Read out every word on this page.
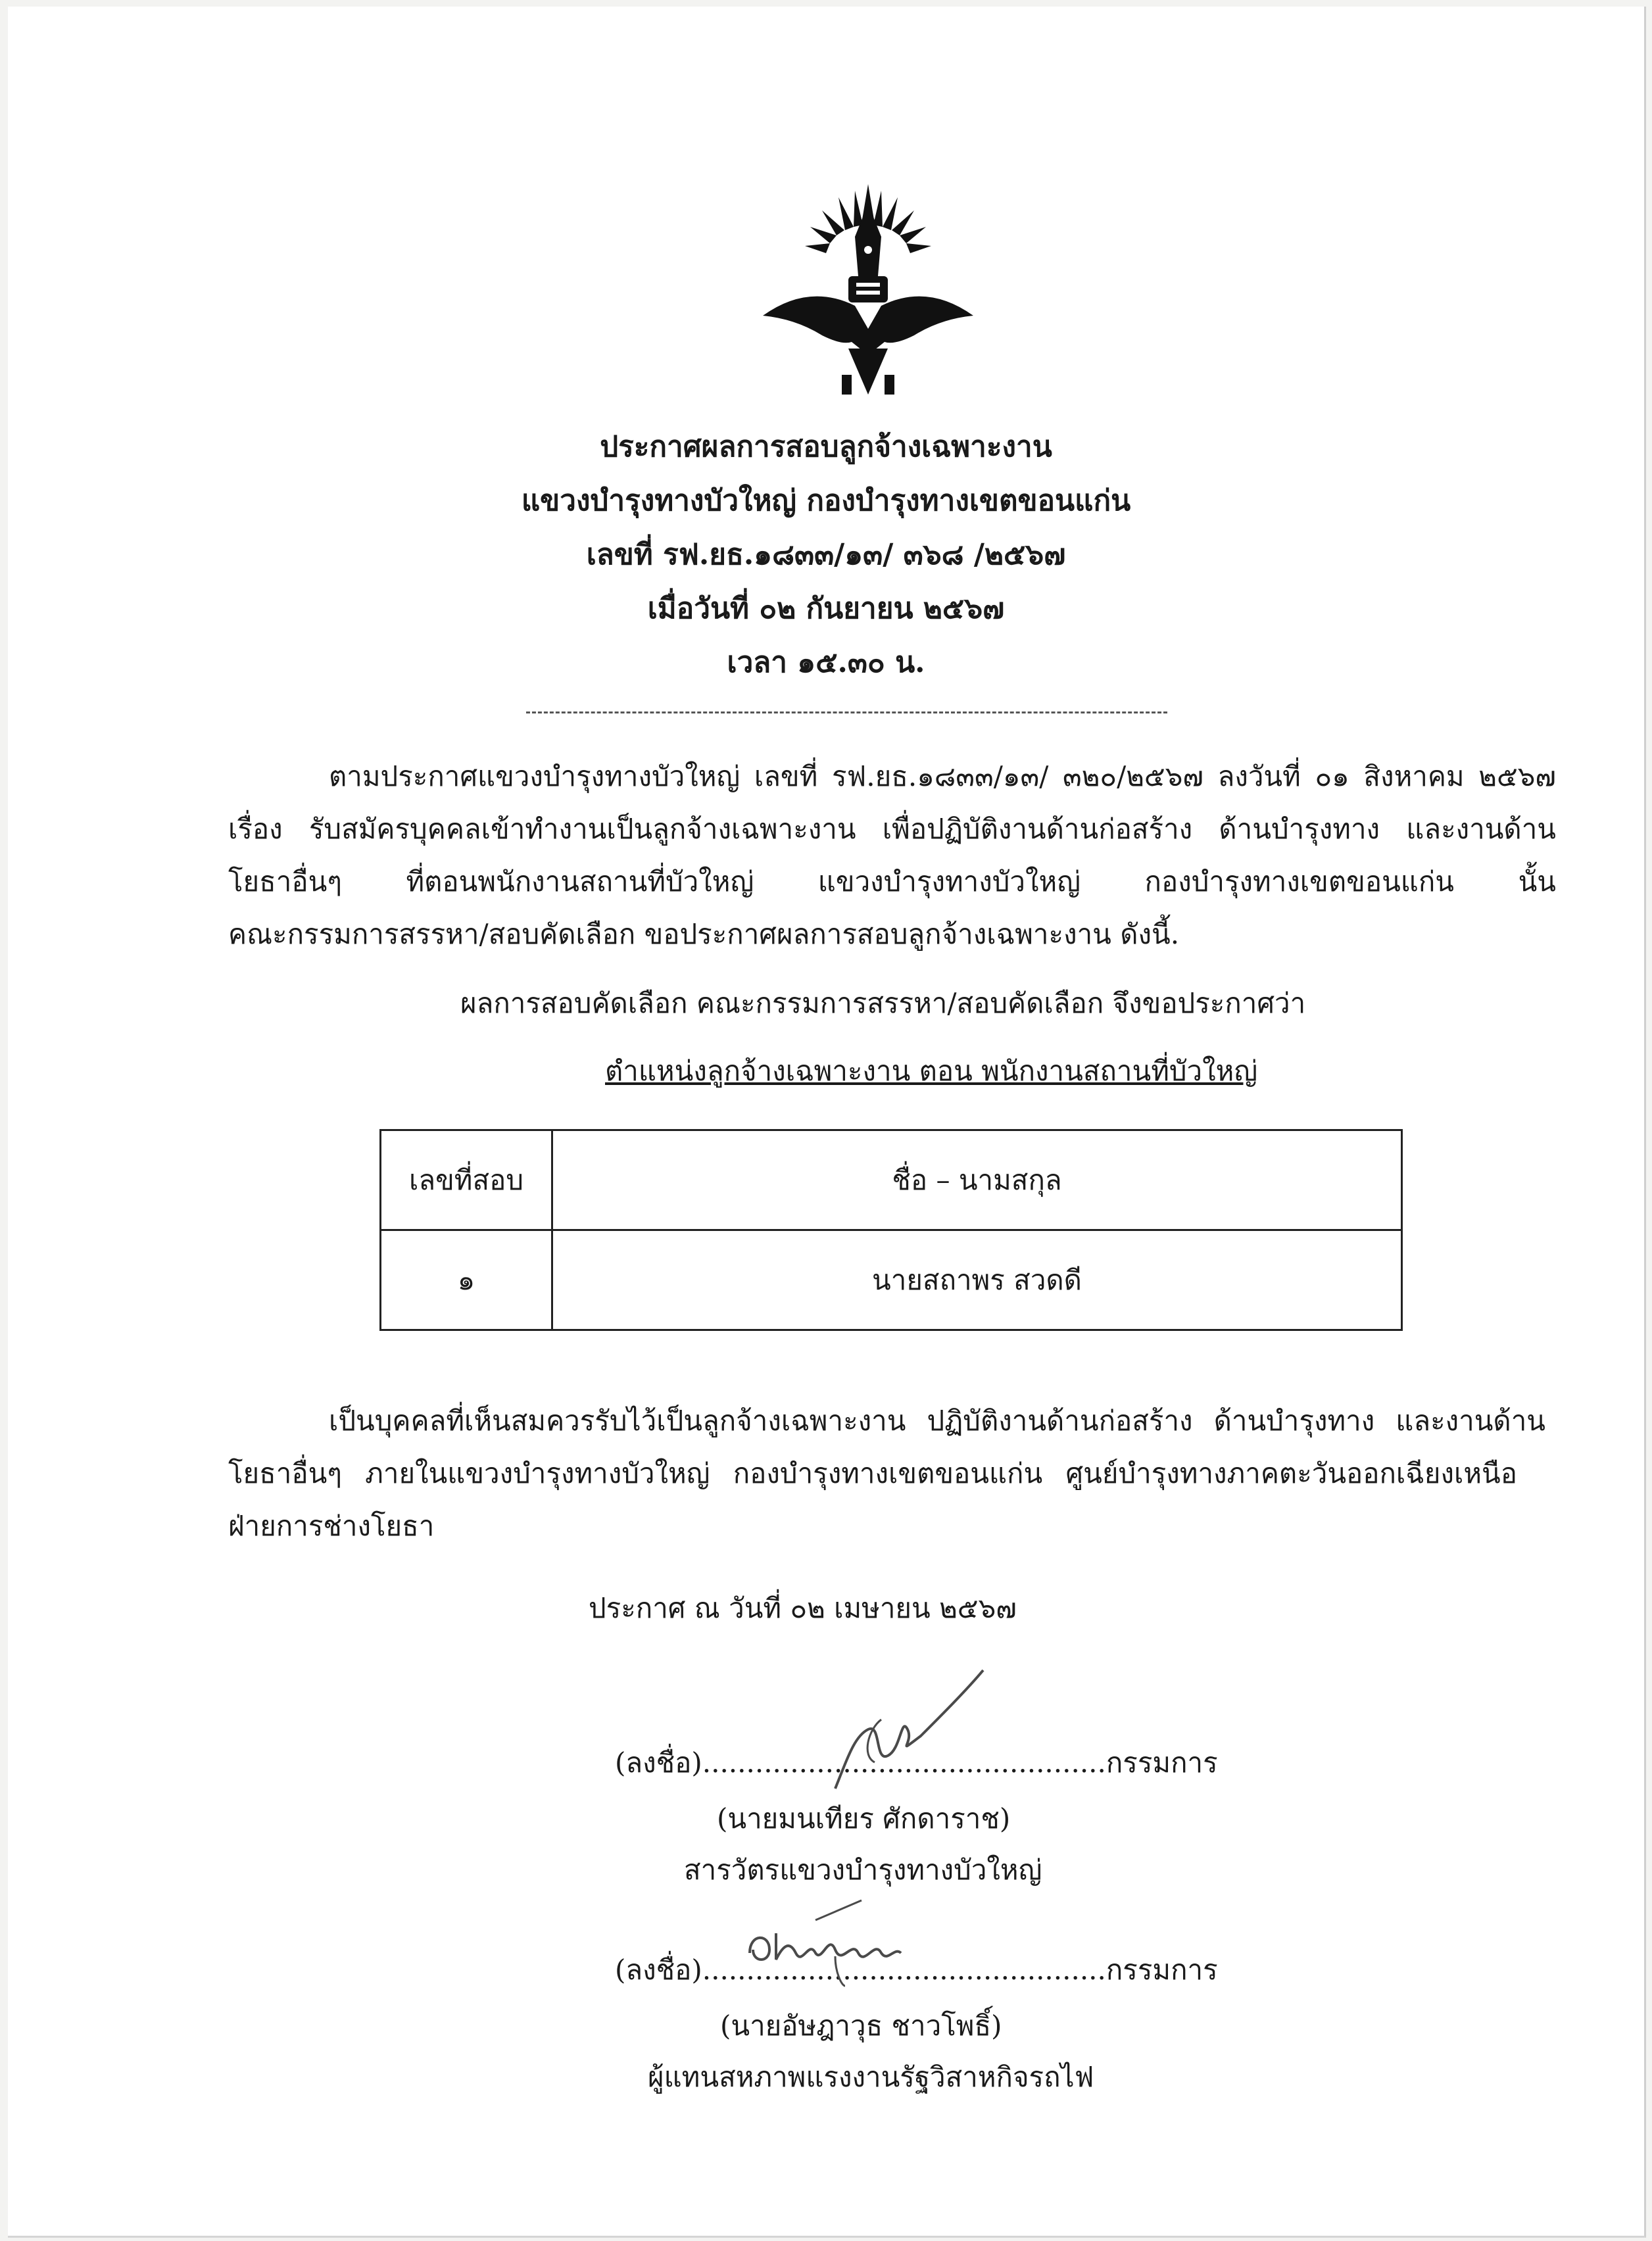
ประกาศผลการสอบลูกจ้างเฉพาะงาน
แขวงบำรุงทางบัวใหญ่ กองบำรุงทางเขตขอนแก่น
เลขที่ รฟ.ยธ.๑๘๓๓/๑๓/ ๓๖๘ /๒๕๖๗
เมื่อวันที่ ๐๒ กันยายน ๒๕๖๗
เวลา ๑๕.๓๐ น.
ตามประกาศแขวงบำรุงทางบัวใหญ่ เลขที่ รฟ.ยธ.๑๘๓๓/๑๓/ ๓๒๐/๒๕๖๗ ลงวันที่ ๐๑ สิงหาคม ๒๕๖๗
เรื่อง รับสมัครบุคคลเข้าทำงานเป็นลูกจ้างเฉพาะงาน เพื่อปฏิบัติงานด้านก่อสร้าง ด้านบำรุงทาง และงานด้าน
โยธาอื่นๆ ที่ตอนพนักงานสถานที่บัวใหญ่ แขวงบำรุงทางบัวใหญ่ กองบำรุงทางเขตขอนแก่น นั้น
คณะกรรมการสรรหา/สอบคัดเลือก ขอประกาศผลการสอบลูกจ้างเฉพาะงาน ดังนี้.
ผลการสอบคัดเลือก คณะกรรมการสรรหา/สอบคัดเลือก จึงขอประกาศว่า
ตำแหน่งลูกจ้างเฉพาะงาน ตอน พนักงานสถานที่บัวใหญ่
เลขที่สอบ	ชื่อ – นามสกุล
๑	นายสถาพร สวดดี
เป็นบุคคลที่เห็นสมควรรับไว้เป็นลูกจ้างเฉพาะงาน ปฏิบัติงานด้านก่อสร้าง ด้านบำรุงทาง และงานด้าน
โยธาอื่นๆ ภายในแขวงบำรุงทางบัวใหญ่ กองบำรุงทางเขตขอนแก่น ศูนย์บำรุงทางภาคตะวันออกเฉียงเหนือ
ฝ่ายการช่างโยธา
ประกาศ ณ วันที่ ๐๒ เมษายน ๒๕๖๗
(ลงชื่อ)..............................................กรรมการ
(นายมนเทียร ศักดาราช)
สารวัตรแขวงบำรุงทางบัวใหญ่
(ลงชื่อ)..............................................กรรมการ
(นายอัษฎาวุธ ชาวโพธิ์)
ผู้แทนสหภาพแรงงานรัฐวิสาหกิจรถไฟ
